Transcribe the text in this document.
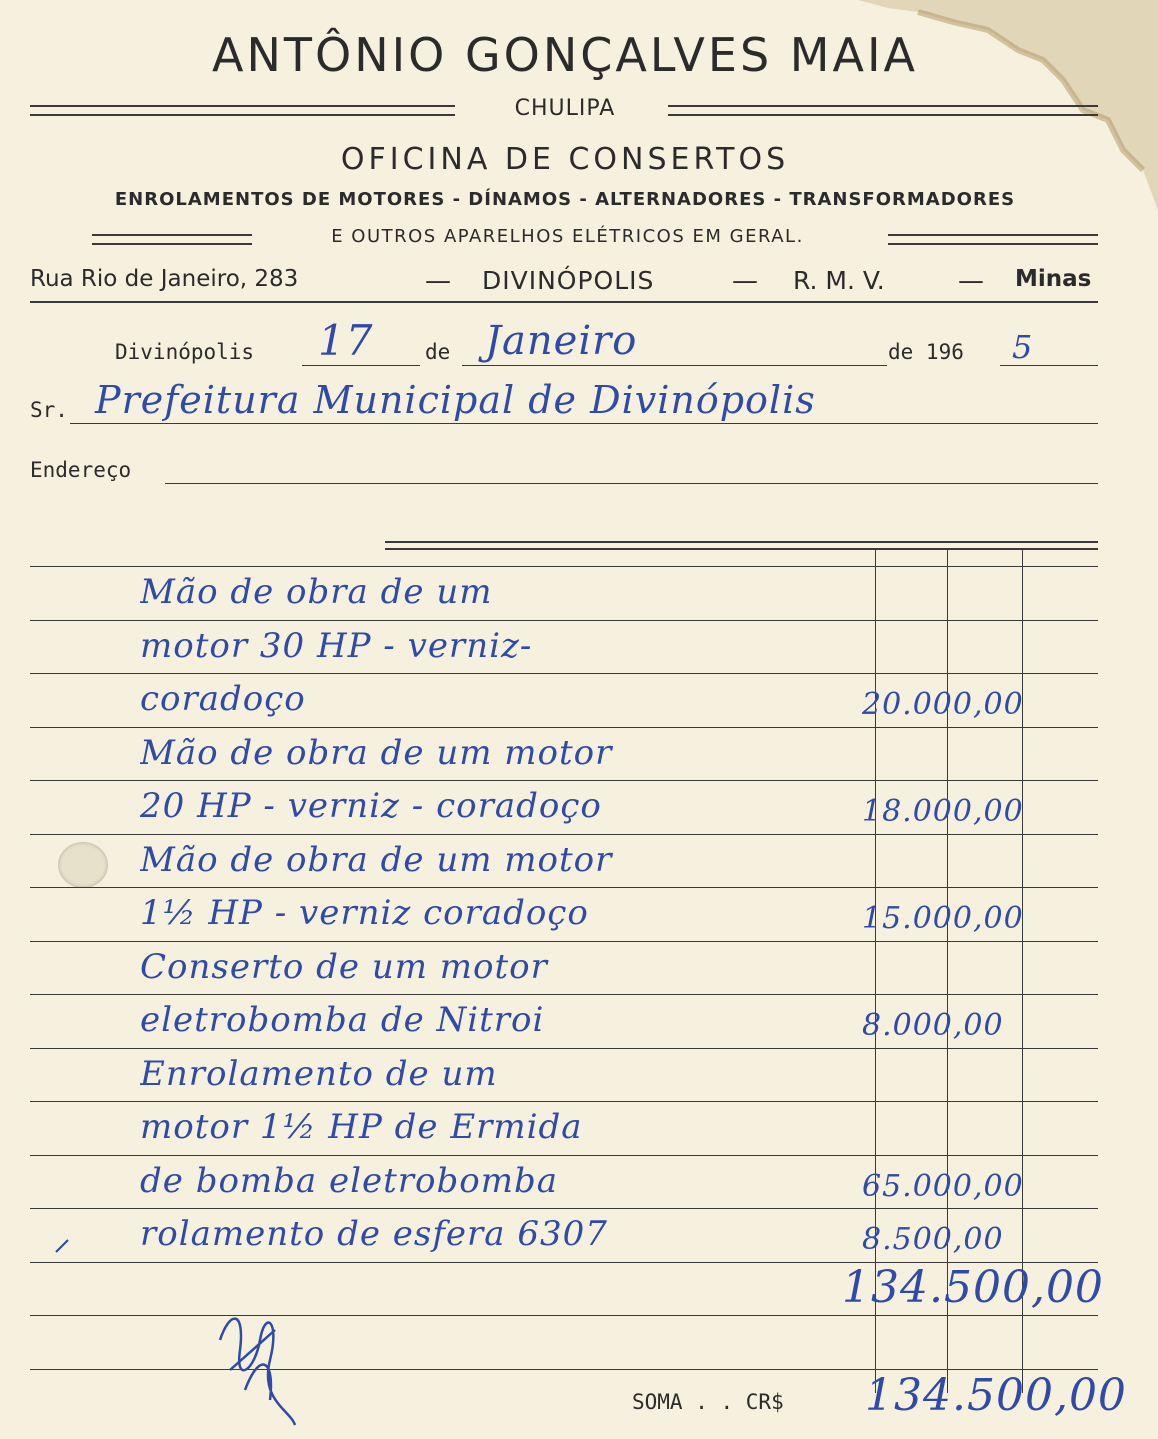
ANTÔNIO GONÇALVES MAIA
CHULIPA
OFICINA DE CONSERTOS
ENROLAMENTOS DE MOTORES - DÍNAMOS - ALTERNADORES - TRANSFORMADORES
E OUTROS APARELHOS ELÉTRICOS EM GERAL.
Rua Rio de Janeiro, 283	— DIVINÓPOLIS	— R. M. V.	— Minas
Divinópolis 17 de Janeiro	de 196 5
Sr. Prefeitura Municipal de Divinópolis
Endereço
Mão de obra de um
motor 30 HP - verniz-
coradoço	20.000,00
Mão de obra de um motor
20 HP - verniz - coradoço	18.000,00
Mão de obra de um motor
1½ HP - verniz coradoço	15.000,00
Conserto de um motor
eletrobomba de Nitroi	8.000,00
Enrolamento de um
motor 1½ HP de Ermida
de bomba eletrobomba	65.000,00
rolamento de esfera 6307	8.500,00
134.500,00
SOMA . . CR$ 134.500,00
